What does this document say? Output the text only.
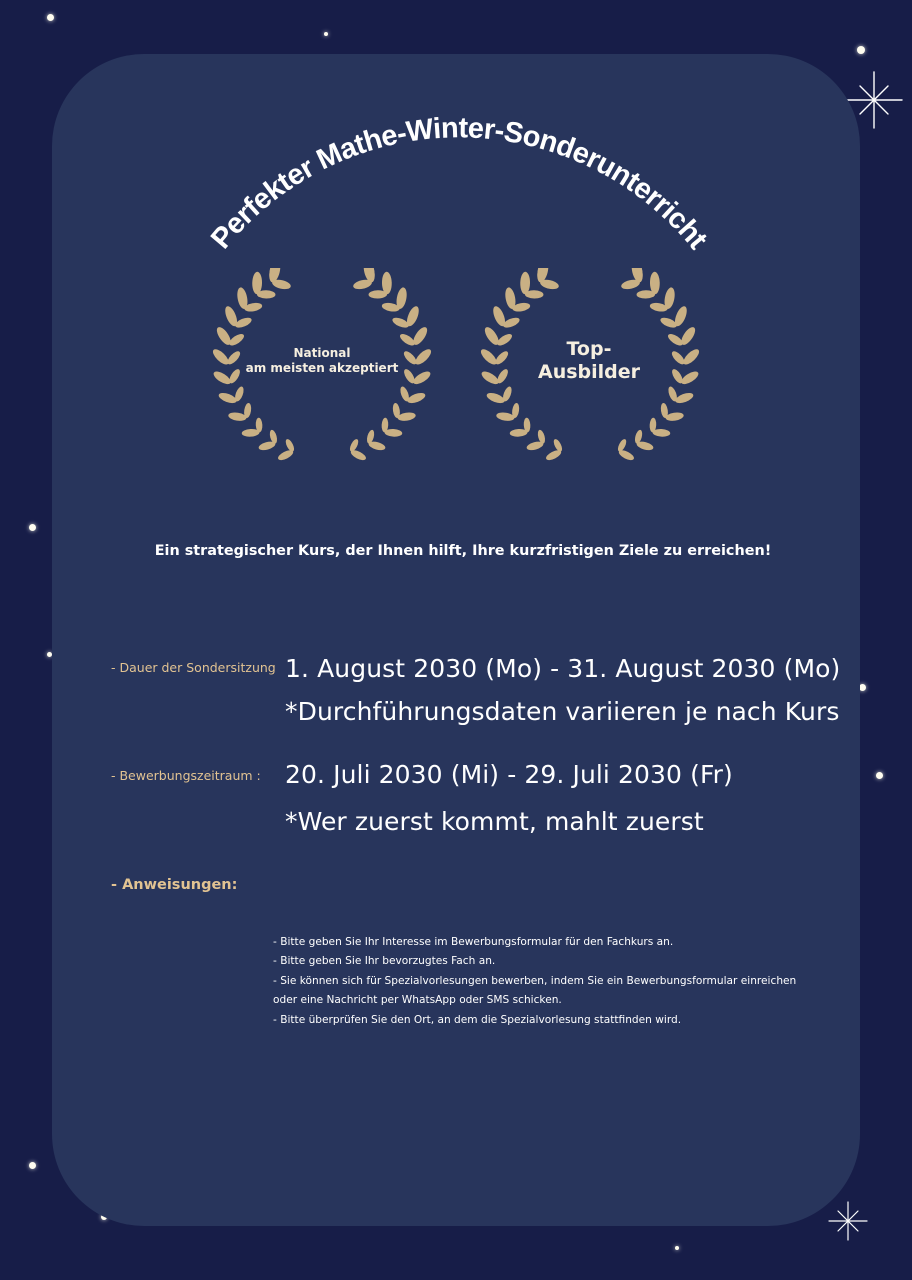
Perfekter Mathe-Winter-Sonderunterricht
National
am meisten akzeptiert
Top-
Ausbilder
Ein strategischer Kurs, der Ihnen hilft, Ihre kurzfristigen Ziele zu erreichen!
- Dauer der Sondersitzung 1. August 2030 (Mo) - 31. August 2030 (Mo)
*Durchführungsdaten variieren je nach Kurs
- Bewerbungszeitraum : 20. Juli 2030 (Mi) - 29. Juli 2030 (Fr)
*Wer zuerst kommt, mahlt zuerst
- Anweisungen:
- Bitte geben Sie Ihr Interesse im Bewerbungsformular für den Fachkurs an.
- Bitte geben Sie Ihr bevorzugtes Fach an.
- Sie können sich für Spezialvorlesungen bewerben, indem Sie ein Bewerbungsformular einreichen
oder eine Nachricht per WhatsApp oder SMS schicken.
- Bitte überprüfen Sie den Ort, an dem die Spezialvorlesung stattfinden wird.
